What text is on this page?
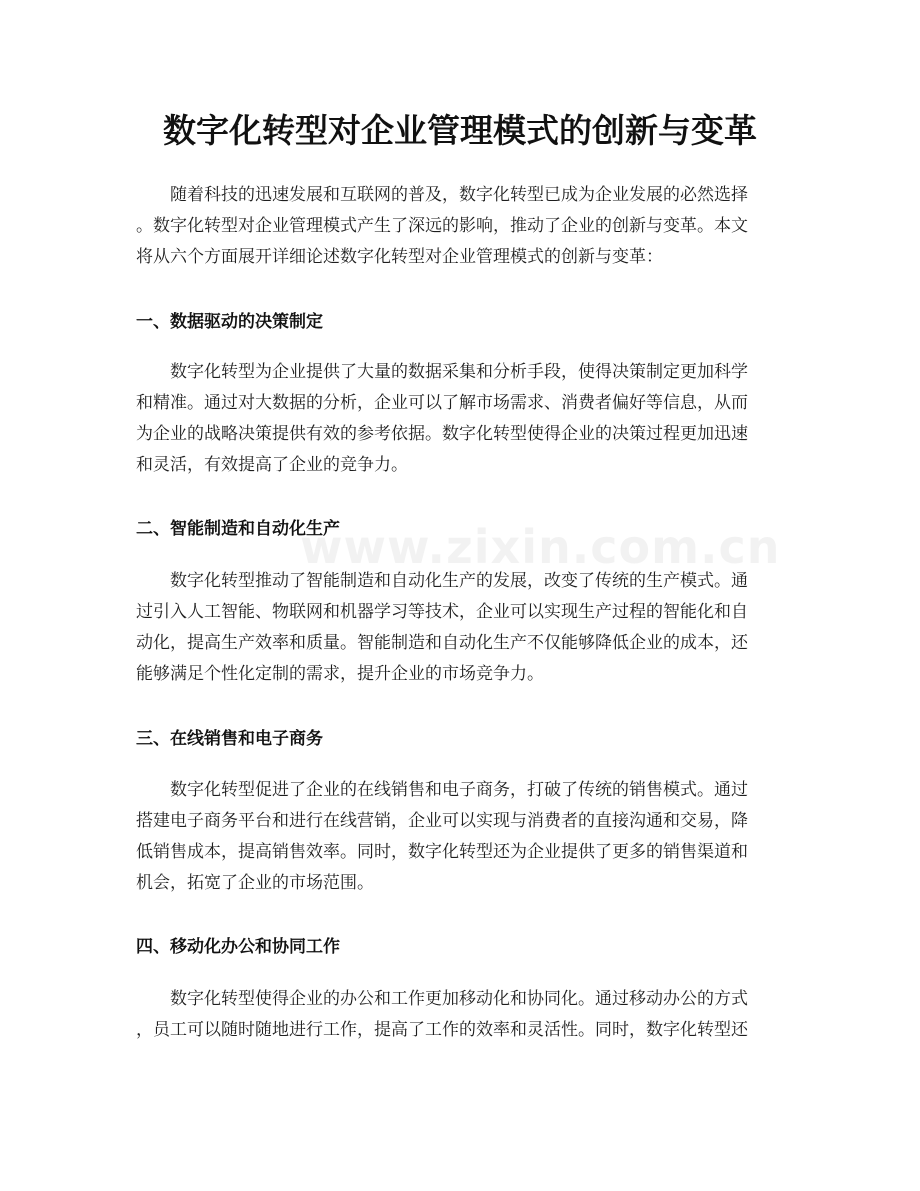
www.zixin.com.cn
数字化转型对企业管理模式的创新与变革

随着科技的迅速发展和互联网的普及，数字化转型已成为企业发展的必然选择
。数字化转型对企业管理模式产生了深远的影响，推动了企业的创新与变革。本文
将从六个方面展开详细论述数字化转型对企业管理模式的创新与变革：

一、数据驱动的决策制定

数字化转型为企业提供了大量的数据采集和分析手段，使得决策制定更加科学
和精准。通过对大数据的分析，企业可以了解市场需求、消费者偏好等信息，从而
为企业的战略决策提供有效的参考依据。数字化转型使得企业的决策过程更加迅速
和灵活，有效提高了企业的竞争力。

二、智能制造和自动化生产

数字化转型推动了智能制造和自动化生产的发展，改变了传统的生产模式。通
过引入人工智能、物联网和机器学习等技术，企业可以实现生产过程的智能化和自
动化，提高生产效率和质量。智能制造和自动化生产不仅能够降低企业的成本，还
能够满足个性化定制的需求，提升企业的市场竞争力。

三、在线销售和电子商务

数字化转型促进了企业的在线销售和电子商务，打破了传统的销售模式。通过
搭建电子商务平台和进行在线营销，企业可以实现与消费者的直接沟通和交易，降
低销售成本，提高销售效率。同时，数字化转型还为企业提供了更多的销售渠道和
机会，拓宽了企业的市场范围。

四、移动化办公和协同工作

数字化转型使得企业的办公和工作更加移动化和协同化。通过移动办公的方式
，员工可以随时随地进行工作，提高了工作的效率和灵活性。同时，数字化转型还
